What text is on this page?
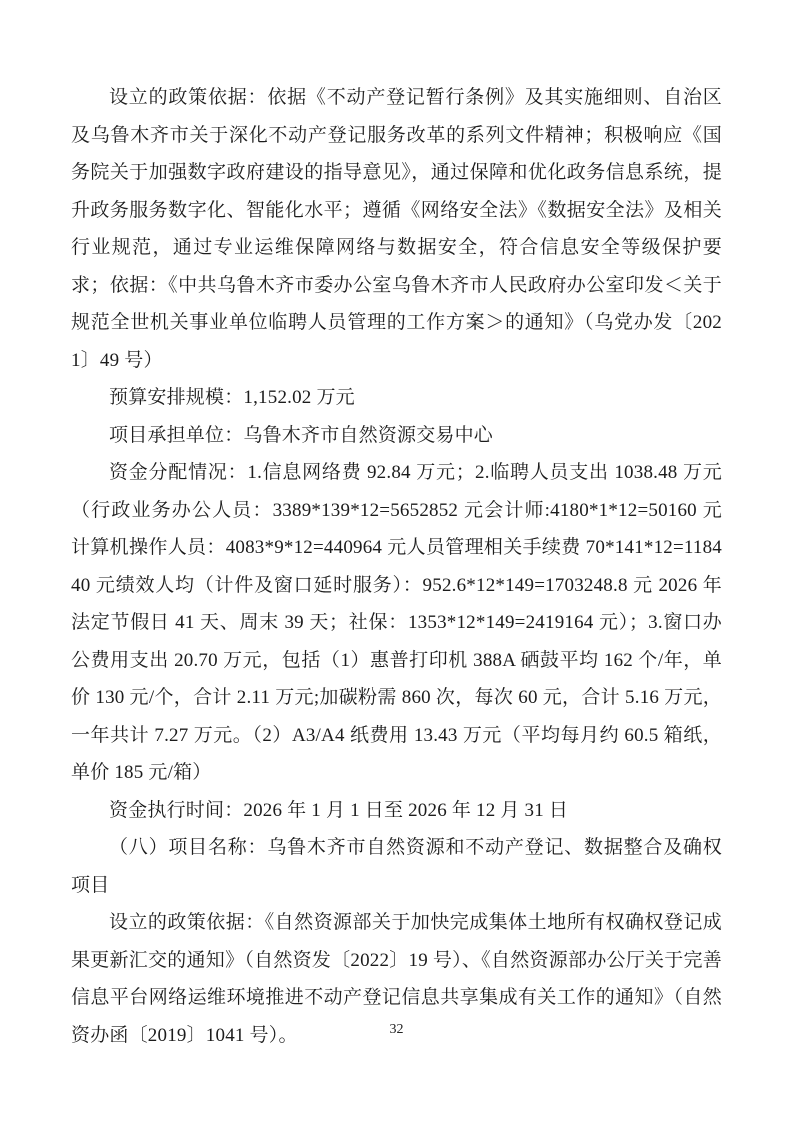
设立的政策依据：依据《不动产登记暂行条例》及其实施细则、自治区及乌鲁木齐市关于深化不动产登记服务改革的系列文件精神；积极响应《国务院关于加强数字政府建设的指导意见》，通过保障和优化政务信息系统，提升政务服务数字化、智能化水平；遵循《网络安全法》《数据安全法》及相关行业规范，通过专业运维保障网络与数据安全，符合信息安全等级保护要求；依据：《中共乌鲁木齐市委办公室乌鲁木齐市人民政府办公室印发＜关于规范全世机关事业单位临聘人员管理的工作方案＞的通知》（乌党办发〔2021〕49 号）

预算安排规模：1,152.02 万元

项目承担单位：乌鲁木齐市自然资源交易中心

资金分配情况：1.信息网络费 92.84 万元；2.临聘人员支出 1038.48 万元（行政业务办公人员：3389*139*12=5652852 元会计师:4180*1*12=50160 元计算机操作人员：4083*9*12=440964 元人员管理相关手续费 70*141*12=118440 元绩效人均（计件及窗口延时服务）：952.6*12*149=1703248.8 元 2026 年法定节假日 41 天、周末 39 天；社保：1353*12*149=2419164 元）；3.窗口办公费用支出 20.70 万元，包括（1）惠普打印机 388A 硒鼓平均 162 个/年，单价 130 元/个，合计 2.11 万元;加碳粉需 860 次，每次 60 元，合计 5.16 万元，一年共计 7.27 万元。（2）A3/A4 纸费用 13.43 万元（平均每月约 60.5 箱纸，单价 185 元/箱）

资金执行时间：2026 年 1 月 1 日至 2026 年 12 月 31 日

（八）项目名称：乌鲁木齐市自然资源和不动产登记、数据整合及确权项目

设立的政策依据：《自然资源部关于加快完成集体土地所有权确权登记成果更新汇交的通知》（自然资发〔2022〕19 号）、《自然资源部办公厅关于完善信息平台网络运维环境推进不动产登记信息共享集成有关工作的通知》（自然资办函〔2019〕1041 号）。	32
